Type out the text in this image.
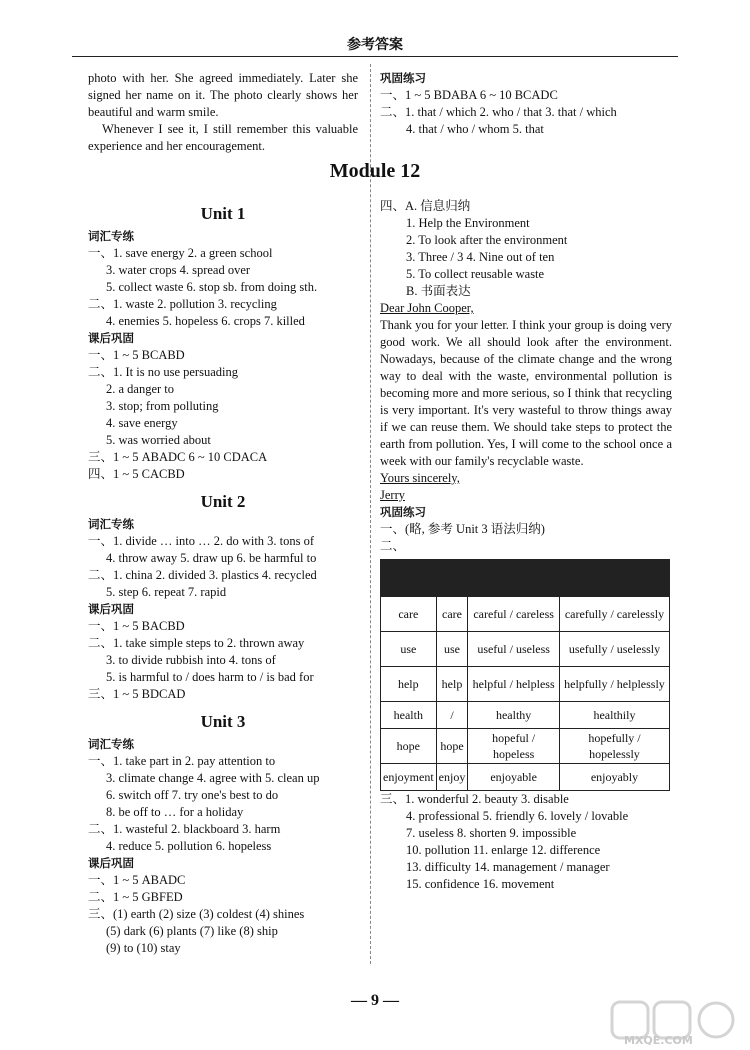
参考答案
Module 12
photo with her. She agreed immediately. Later she signed her name on it. The photo clearly shows her beautiful and warm smile.
Whenever I see it, I still remember this valuable experience and her encouragement.
Unit 1
词汇专练
一、1. save energy 2. a green school
3. water crops 4. spread over
5. collect waste 6. stop sb. from doing sth.
二、1. waste 2. pollution 3. recycling
4. enemies 5. hopeless 6. crops 7. killed
课后巩固
一、1 ~ 5 BCABD
二、1. It is no use persuading
2. a danger to
3. stop; from polluting
4. save energy
5. was worried about
三、1 ~ 5 ABADC 6 ~ 10 CDACA
四、1 ~ 5 CACBD
Unit 2
词汇专练
一、1. divide … into … 2. do with 3. tons of
4. throw away 5. draw up 6. be harmful to
二、1. china 2. divided 3. plastics 4. recycled
5. step 6. repeat 7. rapid
课后巩固
一、1 ~ 5 BACBD
二、1. take simple steps to 2. thrown away
3. to divide rubbish into 4. tons of
5. is harmful to / does harm to / is bad for
三、1 ~ 5 BDCAD
Unit 3
词汇专练
一、1. take part in 2. pay attention to
3. climate change 4. agree with 5. clean up
6. switch off 7. try one's best to do
8. be off to … for a holiday
二、1. wasteful 2. blackboard 3. harm
4. reduce 5. pollution 6. hopeless
课后巩固
一、1 ~ 5 ABADC
二、1 ~ 5 GBFED
三、(1) earth (2) size (3) coldest (4) shines
(5) dark (6) plants (7) like (8) ship
(9) to (10) stay
巩固练习
一、1 ~ 5 BDABA 6 ~ 10 BCADC
二、1. that / which 2. who / that 3. that / which
4. that / who / whom 5. that
四、A. 信息归纳
1. Help the Environment
2. To look after the environment
3. Three / 3 4. Nine out of ten
5. To collect reusable waste
B. 书面表达
Dear John Cooper,
Thank you for your letter. I think your group is doing very good work. We all should look after the environment. Nowadays, because of the climate change and the wrong way to deal with the waste, environmental pollution is becoming more and more serious, so I think that recycling is very important. It's very wasteful to throw things away if we can reuse them. We should take steps to protect the earth from pollution. Yes, I will come to the school once a week with our family's recyclable waste.
Yours sincerely,
Jerry
巩固练习
一、(略, 参考 Unit 3 语法归纳)
二、

care	care	careful / careless	carefully / carelessly
use	use	useful / useless	usefully / uselessly
help	help	helpful / helpless	helpfully / helplessly
health	/	healthy	healthily
hope	hope	hopeful / hopeless	hopefully / hopelessly
enjoyment	enjoy	enjoyable	enjoyably
三、1. wonderful 2. beauty 3. disable
4. professional 5. friendly 6. lovely / lovable
7. useless 8. shorten 9. impossible
10. pollution 11. enlarge 12. difference
13. difficulty 14. management / manager
15. confidence 16. movement
— 9 —
MXQE.COM
